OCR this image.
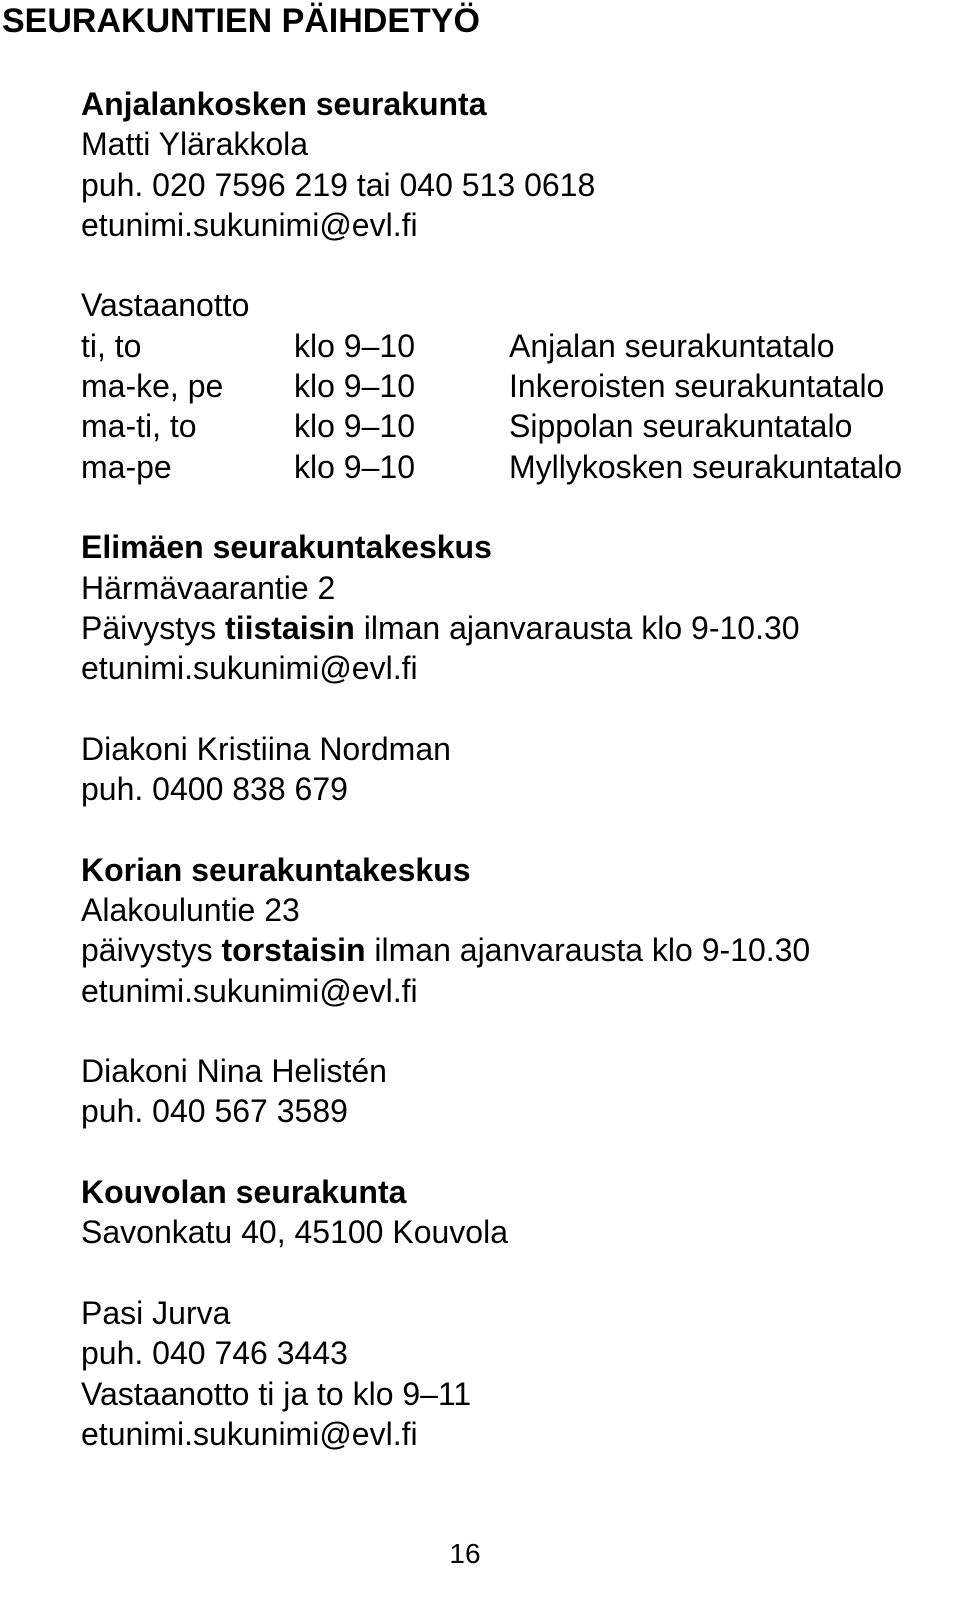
SEURAKUNTIEN PÄIHDETYÖ
Anjalankosken seurakunta
Matti Ylärakkola
puh. 020 7596 219 tai 040 513 0618
etunimi.sukunimi@evl.fi
Vastaanotto
ti, to	klo 9–10	Anjalan seurakuntatalo
ma-ke, pe	klo 9–10	Inkeroisten seurakuntatalo
ma-ti, to	klo 9–10	Sippolan seurakuntatalo
ma-pe	klo 9–10	Myllykosken seurakuntatalo
Elimäen seurakuntakeskus
Härmävaarantie 2
Päivystys tiistaisin ilman ajanvarausta klo 9-10.30
etunimi.sukunimi@evl.fi
Diakoni Kristiina Nordman
puh. 0400 838 679
Korian seurakuntakeskus
Alakouluntie 23
päivystys torstaisin ilman ajanvarausta klo 9-10.30
etunimi.sukunimi@evl.fi
Diakoni Nina Helistén
puh. 040 567 3589
Kouvolan seurakunta
Savonkatu 40, 45100 Kouvola
Pasi Jurva
puh. 040 746 3443
Vastaanotto ti ja to klo 9–11
etunimi.sukunimi@evl.fi
16
